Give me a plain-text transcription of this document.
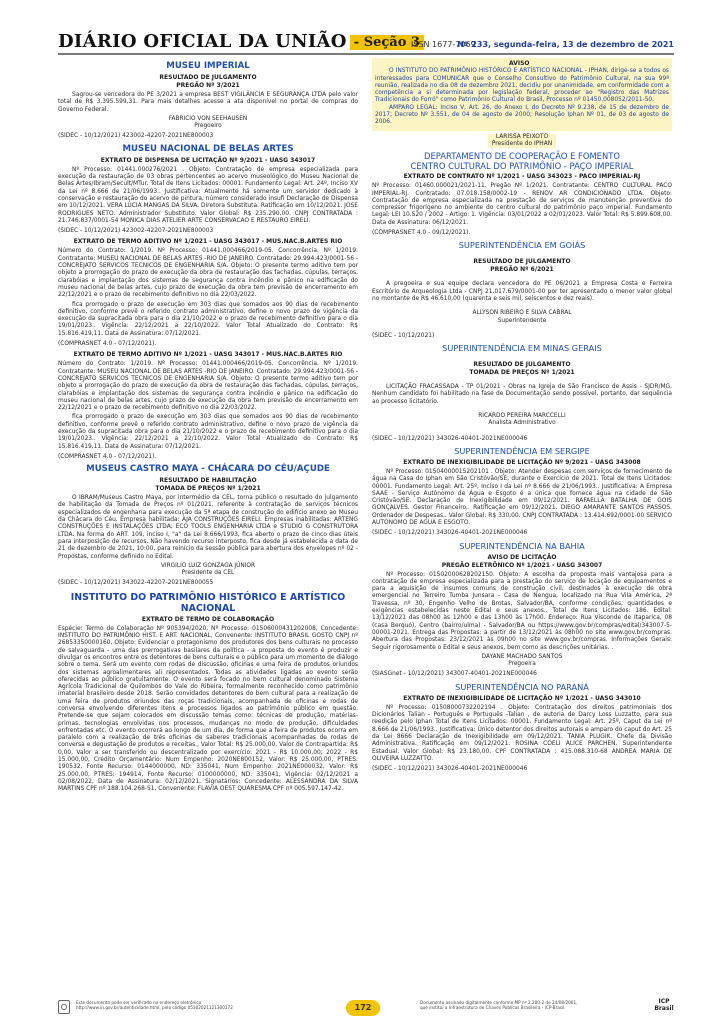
DIÁRIO OFICIAL DA UNIÃO - Seção 3
ISSN 1677-7069
Nº 233, segunda-feira, 13 de dezembro de 2021
MUSEU IMPERIAL
RESULTADO DE JULGAMENTO
PREGÃO Nº 3/2021

Sagrou-se vencedora do PE 3/2021 a empresa BEST VIGILÂNCIA E SEGURANÇA LTDA pelo valor total de R$ 3.395.599,31. Para mais detalhes acesse a ata disponível no portal de compras do Governo Federal.

FABRICIO VON SEEHAUSEN

Pregoeiro

(SIDEC - 10/12/2021) 423002-42207-2021NE800003

MUSEU NACIONAL DE BELAS ARTES
EXTRATO DE DISPENSA DE LICITAÇÃO Nº 9/2021 - UASG 343017

Nº Processo: 01441.000276/2021 . Objeto: Contratação de empresa especializada para execução da restauração de 03 obras pertencentes ao acervo museológico do Museu Nacional de Belas Artes/Ibram/Secult/MTur. Total de Itens Licitados: 00001. Fundamento Legal: Art. 24º, Inciso XV da Lei nº 8.666 de 21/06/1993.. Justificativa: Atualmente há somente um servidor dedicado à conservação e restauração do acervo de pintura, número considerado insufi Declaração de Dispensa em 10/12/2021. VERA LUCIA MANGAS DA SILVA. Diretora Substituta. Ratificação em 10/12/2021. JOSE RODRIGUES NETO. Administrador Substituto. Valor Global: R$ 235.290,00. CNPJ CONTRATADA : 21.746.837/0001-54 MONICA DIAS ATELIER ARTE CONSERVACAO E RESTAURO EIRELI.

(SIDEC - 10/12/2021) 423002-42207-2021NE800003

EXTRATO DE TERMO ADITIVO Nº 1/2021 - UASG 343017 - MUS.NAC.B.ARTES RIO

Número do Contrato: 1/2019. Nº Processo: 01441.000466/2019-05. Concorrência. Nº 1/2019. Contratante: MUSEU NACIONAL DE BELAS ARTES -RIO DE JANEIRO. Contratado: 29.994.423/0001-56 - CONCREJATO SERVICOS TECNICOS DE ENGENHARIA S/A. Objeto: O presente termo aditivo tem por objeto a prorrogação do prazo de execução da obra de restauração das fachadas, cúpulas, terraços, clarabóias e implantação dos sistemas de segurança contra incêndio e pânico na edificação do museu nacional de belas artes, cujo prazo de execução da obra tem previsão de encerramento em 22/12/2021 e o prazo de recebimento definitivo no dia 22/03/2022.

fica prorrogado o prazo de execução em 303 dias que somados aos 90 dias de recebimento definitivo, conforme prevê o referido contrato administrativo, define o novo prazo de vigência da execução da supracitada obra para o dia 21/10/2022 e o prazo de recebimento definitivo para o dia 19/01/2023.. Vigência: 22/12/2021 a 22/10/2022. Valor Total Atualizado do Contrato: R$ 15.816.419,11. Data de Assinatura: 07/12/2021.

(COMPRASNET 4.0 - 07/12/2021).

EXTRATO DE TERMO ADITIVO Nº 1/2021 - UASG 343017 - MUS.NAC.B.ARTES RIO

Número do Contrato: 1/2019. Nº Processo: 01441.000466/2019-05. Concorrência. Nº 1/2019. Contratante: MUSEU NACIONAL DE BELAS ARTES -RIO DE JANEIRO. Contratado: 29.994.423/0001-56 - CONCREJATO SERVICOS TECNICOS DE ENGENHARIA S/A. Objeto: O presente termo aditivo tem por objeto a prorrogação do prazo de execução da obra de restauração das fachadas, cúpulas, terraços, clarabóias e implantação dos sistemas de segurança contra incêndio e pânico na edificação do museu nacional de belas artes, cujo prazo de execução da obra tem previsão de encerramento em 22/12/2021 e o prazo de recebimento definitivo no dia 22/03/2022.

fica prorrogado o prazo de execução em 303 dias que somados aos 90 dias de recebimento definitivo, conforme prevê o referido contrato administrativo, define o novo prazo de vigência da execução da supracitada obra para o dia 21/10/2022 e o prazo de recebimento definitivo para o dia 19/01/2023.. Vigência: 22/12/2021 a 22/10/2022. Valor Total Atualizado do Contrato: R$ 15.816.419,11. Data de Assinatura: 07/12/2021.

(COMPRASNET 4.0 - 07/12/2021).

MUSEUS CASTRO MAYA - CHÁCARA DO CÉU/AÇUDE
RESULTADO DE HABILITAÇÃO
TOMADA DE PREÇOS Nº 1/2021

O IBRAM/Museus Castro Maya, por intermédio da CEL, torna público o resultado do julgamento de habilitação da Tomada de Preços nº 01/2021, referente à contratação de serviços técnicos especializados de engenharia para execução da 5ª etapa de construção do edifício anexo ao Museu da Chácara do Céu. Empresa habilitada: AJA CONSTRUÇÕES EIRELI. Empresas inabilitadas: ARTENG CONSTRUÇÕES E INSTALAÇÕES LTDA; ECO TOOLS ENGENHARIA LTDA e STUDIO G CONSTRUTORA LTDA. Na forma do ART. 109, inciso I, "a" da Lei 8.666/1993, fica aberto o prazo de cinco dias úteis para interposição de recursos. Não havendo recurso interposto, fica desde já estabelecida a data de 21 de dezembro de 2021, 10:00, para reinício da sessão pública para abertura dos envelopes nº 02 - Propostas, conforme definido no Edital.

VIRGILIO LUIZ GONZAGA JÚNIOR

Presidente da CEL

(SIDEC - 10/12/2021) 343022-42207-2021NE800055

INSTITUTO DO PATRIMÔNIO HISTÓRICO E ARTÍSTICO NACIONAL
EXTRATO DE TERMO DE COLABORAÇÃO

Espécie: Termo de Colaboração Nº 905394/2020, Nº Processo: 01506000431202008, Concedente: INSTITUTO DO PATRIMÔNIO HIST. E ART. NACIONAL, Convenente: INSTITUTO BRASIL GOSTO CNPJ nº 26853350000160, Objeto: Evidenciar o protagonismo dos produtores dos bens culturais no processo de salvaguarda - uma das prerrogativas basilares da política - a proposta do evento é produzir e divulgar os encontros entre os detentores de bens culturais e o público para um momento de diálogo sobre o tema. Será um evento com rodas de discussão, oficinas e uma feira de produtos oriundos dos sistemas agroalimentares ali representados. Todas as atividades ligadas ao evento serão oferecidas ao público gratuitamente. O evento será focado no bem cultural denominado Sistema Agrícola Tradicional de Quilombos do Vale do Ribeira, formalmente reconhecido como patrimônio imaterial brasileiro desde 2018. Serão convidados detentores do bem cultural para a realização de uma feira de produtos oriundos das roças tradicionais, acompanhada de oficinas e rodas de conversa envolvendo diferentes itens e processos ligados ao patrimônio público em questão. Pretende-se que sejam colocados em discussão temas como: técnicas de produção, matérias-primas, tecnologias envolvidas nos processos, mudanças no modo de produção, dificuldades enfrentadas etc. O evento ocorrerá ao longo de um dia, de forma que a feira de produtos ocorra em paralelo com a realização de três oficinas de saberes tradicionais acompanhadas de rodas de conversa e degustação de produtos e receitas., Valor Total: R$ 25.000,00, Valor de Contrapartida: R$ 0,00, Valor a ser transferido ou descentralizado por exercício: 2021 - R$ 10.000,00; 2022 - R$ 15.000,00, Crédito Orçamentário: Num Empenho: 2020NE800152, Valor: R$ 25.000,00, PTRES: 190532, Fonte Recurso: 0144000000, ND: 335041, Num Empenho: 2021NE000032, Valor: R$ 25.000,00, PTRES: 194914, Fonte Recurso: 0100000000, ND: 335041, Vigência: 02/12/2021 a 02/08/2022, Data de Assinatura: 02/12/2021, Signatários: Concedente: ALESSANDRA DA SILVA MARTINS CPF nº 188.104.268-51, Convenente: FLAVIA OEST QUARESMA CPF nº 005.597.147-42.

AVISO

O INSTITUTO DO PATRIMÔNIO HISTÓRICO E ARTÍSTICO NACIONAL - IPHAN, dirige-se a todos os interessados para COMUNICAR que o Conselho Consultivo do Patrimônio Cultural, na sua 99ª reunião, realizada no dia 08 de dezembro 2021, decidiu por unanimidade, em conformidade com a competência a si determinada por legislação federal, proceder ao "Registro das Matrizes Tradicionais do Forró" como Patrimônio Cultural do Brasil, Processo nº 01450.008052/2011-50.

AMPARO LEGAL: Inciso V, Art. 26, do Anexo I, do Decreto Nº 9.238, de 15 de dezembro de 2017; Decreto Nº 3.551, de 04 de agosto de 2000; Resolução Iphan Nº 01, de 03 de agosto de 2006.

LARISSA PEIXOTO
Presidente do IPHAN
DEPARTAMENTO DE COOPERAÇÃO E FOMENTO
CENTRO CULTURAL DO PATRIMÔNIO - PAÇO IMPERIAL
EXTRATO DE CONTRATO Nº 1/2021 - UASG 343023 - PACO IMPERIAL-RJ

Nº Processo: 01460.000021/2021-11. Pregão Nº 1/2021. Contratante: CENTRO CULTURAL PACO IMPERIAL-RJ. Contratado: 07.018.158/0002-19 - RENOV AR CONDICIONADO LTDA. Objeto: Contratação de empresa especializada na prestação de serviços de manutenção preventiva do compressor frigorígeno no ambiente do centro cultural do patrimônio paço imperial. Fundamento Legal: LEI 10.520 / 2002 - Artigo: 1. Vigência: 03/01/2022 a 02/01/2023. Valor Total: R$ 5.899.608,00. Data de Assinatura: 06/12/2021.

(COMPRASNET 4.0 - 09/12/2021).

SUPERINTENDÊNCIA EM GOIÁS
RESULTADO DE JULGAMENTO
PREGÃO Nº 6/2021

A pregoeira e sua equipe declara vencedora do PE 06/2021 a Empresa Costa e Ferreira Escritório de Arqueologia Ltda - CNPJ 21.017.679/0001-00 por ter apresentado o menor valor global no montante de R$ 46.610,00 (quarenta e seis mil, seiscentos e dez reais).

ALLYSON RIBEIRO E SILVA CABRAL

Superintendente

(SIDEC - 10/12/2021)

SUPERINTENDÊNCIA EM MINAS GERAIS
RESULTADO DE JULGAMENTO
TOMADA DE PREÇOS Nº 1/2021

LICITAÇÃO FRACASSADA - TP 01/2021 - Obras na Igreja de São Francisco de Assis - SJDR/MG. Nenhum candidato foi habilitado na fase de Documentação sendo possível, portanto, dar sequência ao processo licitatório.

RICARDO PEREIRA MARCCELLI

Analista Administrativo

(SIDEC - 10/12/2021) 343026-40401-2021NE000046

SUPERINTENDÊNCIA EM SERGIPE
EXTRATO DE INEXIGIBILIDADE DE LICITAÇÃO Nº 9/2021 - UASG 343008

Nº Processo: 01504000015202101 . Objeto: Atender despesas com serviços de fornecimento de água na Casa do Iphan em São Cristóvão/SE, durante o Exercício de 2021. Total de Itens Licitados: 00001. Fundamento Legal: Art. 25º, Inciso I da Lei nº 8.666 de 21/06/1993.. Justificativa: A Empresa SAAE - Serviço Autônomo de Água e Esgoto é a única que fornece água na cidade de São Cristóvão/SE. Declaração de Inexigibilidade em 09/12/2021. RAFAELLA BATALHA DE GOIS GONÇALVES. Gestor Financeiro.. Ratificação em 09/12/2021. DIEGO AMARANTE SANTOS PASSOS. Ordenador de Despesas.. Valor Global: R$ 330,00. CNPJ CONTRATADA : 13.414.692/0001-00 SERVICO AUTONOMO DE AGUA E ESGOTO.

(SIDEC - 10/12/2021) 343026-40401-2021NE000046

SUPERINTENDÊNCIA NA BAHIA
AVISO DE LICITAÇÃO
PREGÃO ELETRÔNICO Nº 1/2021 - UASG 343007

Nº Processo: 01502000628202150. Objeto: A escolha da proposta mais vantajosa para a contratação de empresa especializada para a prestação do serviço de locação de equipamentos e para a aquisição de insumos comuns de construção civil, destinados à execução de obra emergencial no Terreiro Tumba Junsara - Casa de Nengua, localizado na Rua Vila América, 2ª Travessa, nº 30, Engenho Velho de Brotas, Salvador/BA, conforme condições, quantidades e exigências estabelecidas neste Edital e seus anexos.. Total de Itens Licitados: 186. Edital: 13/12/2021 das 08h00 às 12h00 e das 13h00 às 17h00. Endereço: Rua Visconde de Itaparica, 08 (casa Berquó), Centro (bairro/ulma) - Salvador/BA ou https://www.gov.br/compras/edital/343007-5-00001-2021. Entrega das Propostas: a partir de 13/12/2021 às 08h00 no site www.gov.br/compras. Abertura das Propostas: 23/12/2021 às 09h00 no site www.gov.br/compras. Informações Gerais: Seguir rigorosamente o Edital e seus anexos, bem como as descrições unitárias. .

DAYANE MACHADO SANTOS

Pregoeira

(SIASGnet - 10/12/2021) 343007-40401-2021NE000046

SUPERINTENDÊNCIA NO PARANÁ
EXTRATO DE INEXIGIBILIDADE DE LICITAÇÃO Nº 1/2021 - UASG 343010

Nº Processo: 01508000732202194 . Objeto: Contratação dos direitos patrimoniais dos Dicionários Talian - Português e Português -Talian , de autoria de Darcy Loss Luzzatto, para sua reedição pelo Iphan Total de Itens Licitados: 00001. Fundamento Legal: Art. 25º, Caput da Lei nº 8.666 de 21/06/1993.. Justificativa: Único detentor dos direitos autorais e amparo do caput do Art. 25 da Lei 8666 Declaração de Inexigibilidade em 09/12/2021. TANIA PLUGIK. Chefe da Divisão Administrativa. Ratificação em 09/12/2021. ROSINA COELI ALICE PARCHEN. Superintendente Estadual. Valor Global: R$ 23.180,00. CPF CONTRATADA : 415.088.310-68 ANDREA MARIA DE OLIVEIRA LUZZATTO.

(SIDEC - 10/12/2021) 343026-40401-2021NE000046

Este documento pode ser verificado no endereço eletrônico
http://www.in.gov.br/autenticidade.html, pelo código 05302021121300172	172
Documento assinado digitalmente conforme MP nº 2.200-2 de 24/08/2001,
que institui a Infraestrutura de Chaves Públicas Brasileira - ICP-Brasil.
ICP Brasil
